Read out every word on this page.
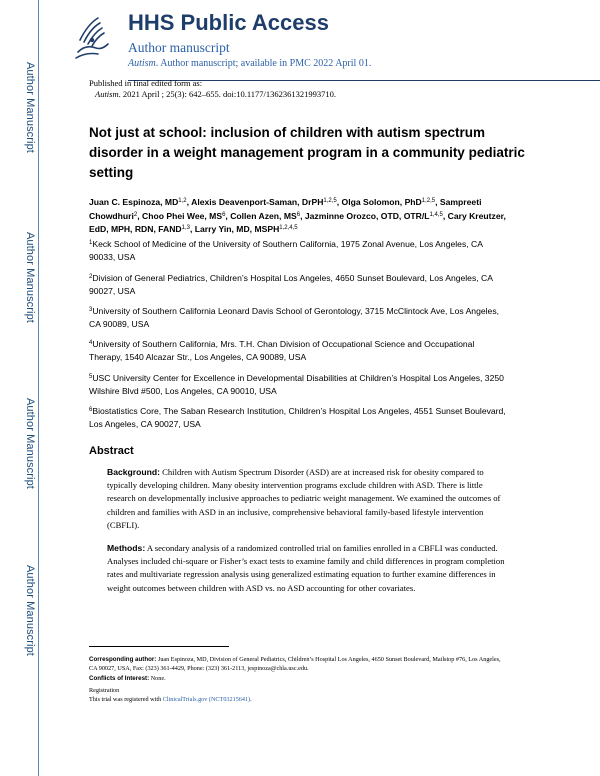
Author Manuscript
Author Manuscript
Author Manuscript
Author Manuscript
HHS Public Access
Author manuscript
Autism. Author manuscript; available in PMC 2022 April 01.
Published in final edited form as:
Autism. 2021 April ; 25(3): 642–655. doi:10.1177/1362361321993710.
Not just at school: inclusion of children with autism spectrum disorder in a weight management program in a community pediatric setting
Juan C. Espinoza, MD$^{1,2}$, Alexis Deavenport-Saman, DrPH$^{1,2,5}$, Olga Solomon, PhD$^{1,2,5}$, Sampreeti Chowdhuri$^2$, Choo Phei Wee, $MS^6$, Collen Azen, $MS^6$, Jazminne Orozco, OTD, OTR/$L^{1,4,5}$, Cary Kreutzer, EdD, MPH, RDN, FAND$^{1,3}$, Larry Yin, MD, MSPH$^{1,2,4,5}$
$^1$Keck School of Medicine of the University of Southern California, 1975 Zonal Avenue, Los Angeles, CA 90033, USA
$^2$Division of General Pediatrics, Children’s Hospital Los Angeles, 4650 Sunset Boulevard, Los Angeles, CA 90027, USA
$^3$University of Southern California Leonard Davis School of Gerontology, 3715 McClintock Ave, Los Angeles, CA 90089, USA
$^4$University of Southern California, Mrs. T.H. Chan Division of Occupational Science and Occupational Therapy, 1540 Alcazar Str., Los Angeles, CA 90089, USA
$^5$USC University Center for Excellence in Developmental Disabilities at Children’s Hospital Los Angeles, 3250 Wilshire Blvd #500, Los Angeles, CA 90010, USA
$^6$Biostatistics Core, The Saban Research Institution, Children’s Hospital Los Angeles, 4551 Sunset Boulevard, Los Angeles, CA 90027, USA
Abstract
Background: Children with Autism Spectrum Disorder (ASD) are at increased risk for obesity compared to typically developing children. Many obesity intervention programs exclude children with ASD. There is little research on developmentally inclusive approaches to pediatric weight management. We examined the outcomes of children and families with ASD in an inclusive, comprehensive behavioral family-based lifestyle intervention (CBFLI).
Methods: A secondary analysis of a randomized controlled trial on families enrolled in a CBFLI was conducted. Analyses included chi-square or Fisher’s exact tests to examine family and child differences in program completion rates and multivariate regression analysis using generalized estimating equation to further examine differences in weight outcomes between children with ASD vs. no ASD accounting for other covariates.
Corresponding author: Juan Espinoza, MD, Division of General Pediatrics, Children’s Hospital Los Angeles, 4650 Sunset Boulevard, Mailstop #76, Los Angeles, CA 90027, USA, Fax: (323) 361-4429, Phone: (323) 361-2113, jespinoza@chla.usc.edu.
Conflicts of Interest: None.
Registration
This trial was registered with ClinicalTrials.gov (NCT03215641).
